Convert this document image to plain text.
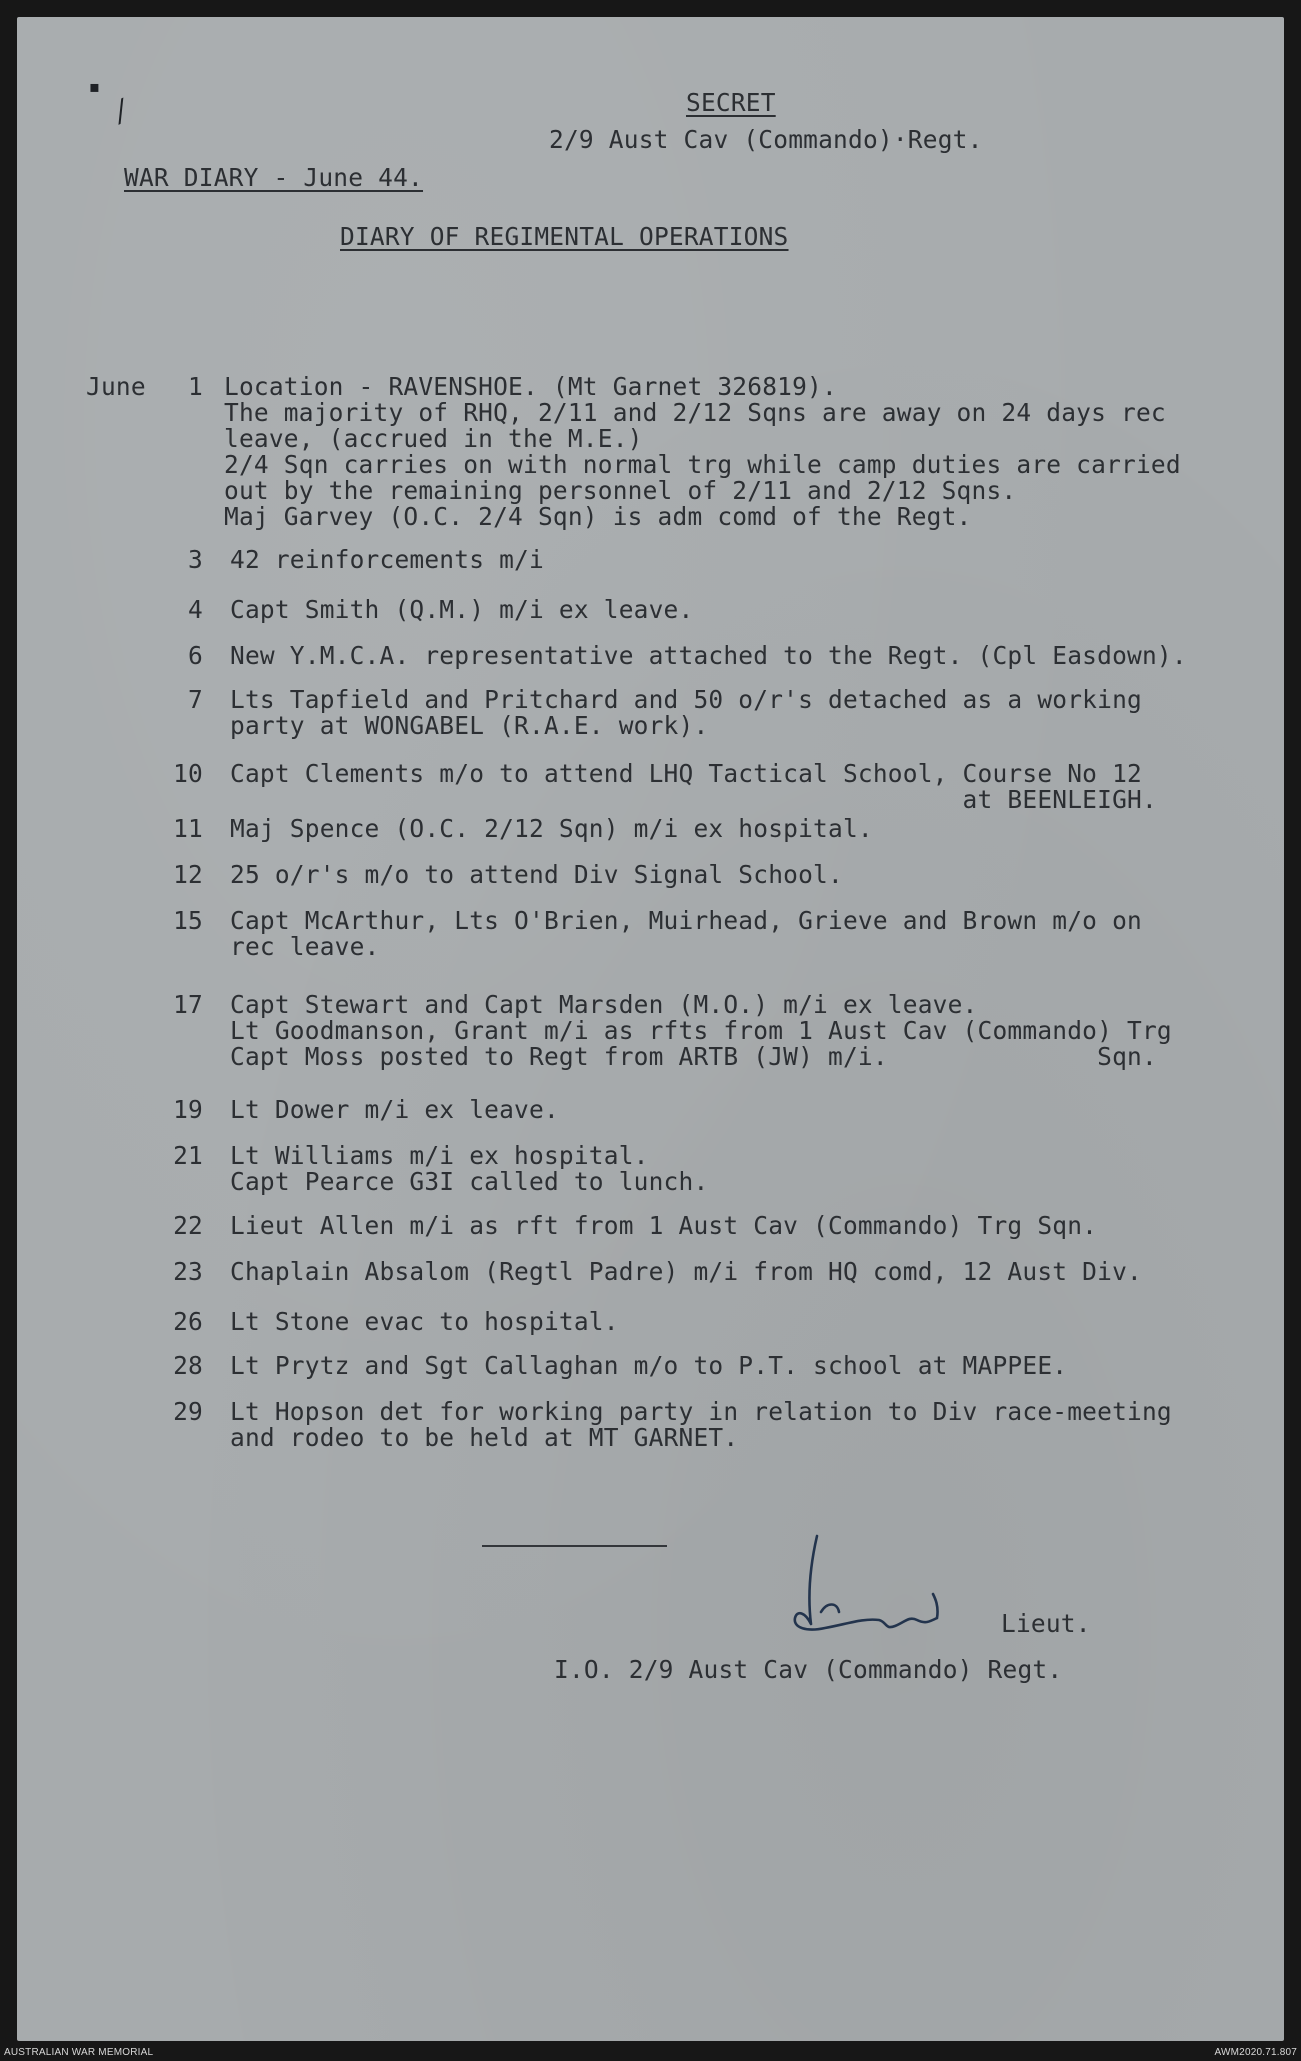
▪
⁄	SECRET
2/9 Aust Cav (Commando)·Regt.
WAR DIARY - June 44.
DIARY OF REGIMENTAL OPERATIONS
June	1 Location - RAVENSHOE. (Mt Garnet 326819).
The majority of RHQ, 2/11 and 2/12 Sqns are away on 24 days rec
leave, (accrued in the M.E.)
2/4 Sqn carries on with normal trg while camp duties are carried
out by the remaining personnel of 2/11 and 2/12 Sqns.
Maj Garvey (O.C. 2/4 Sqn) is adm comd of the Regt.
3 42 reinforcements m/i
4 Capt Smith (Q.M.) m/i ex leave.
6 New Y.M.C.A. representative attached to the Regt. (Cpl Easdown).
7 Lts Tapfield and Pritchard and 50 o/r's detached as a working
party at WONGABEL (R.A.E. work).
10 Capt Clements m/o to attend LHQ Tactical School, Course No 12
at BEENLEIGH.
11 Maj Spence (O.C. 2/12 Sqn) m/i ex hospital.
12 25 o/r's m/o to attend Div Signal School.
15 Capt McArthur, Lts O'Brien, Muirhead, Grieve and Brown m/o on
rec leave.
17 Capt Stewart and Capt Marsden (M.O.) m/i ex leave.
Lt Goodmanson, Grant m/i as rfts from 1 Aust Cav (Commando) Trg
Capt Moss posted to Regt from ARTB (JW) m/i.              Sqn.
19 Lt Dower m/i ex leave.
21 Lt Williams m/i ex hospital.
Capt Pearce G3I called to lunch.
22 Lieut Allen m/i as rft from 1 Aust Cav (Commando) Trg Sqn.
23 Chaplain Absalom (Regtl Padre) m/i from HQ comd, 12 Aust Div.
26 Lt Stone evac to hospital.
28 Lt Prytz and Sgt Callaghan m/o to P.T. school at MAPPEE.
29 Lt Hopson det for working party in relation to Div race-meeting
and rodeo to be held at MT GARNET.
Lieut.
I.O. 2/9 Aust Cav (Commando) Regt.
AUSTRALIAN WAR MEMORIAL	AWM2020.71.807
